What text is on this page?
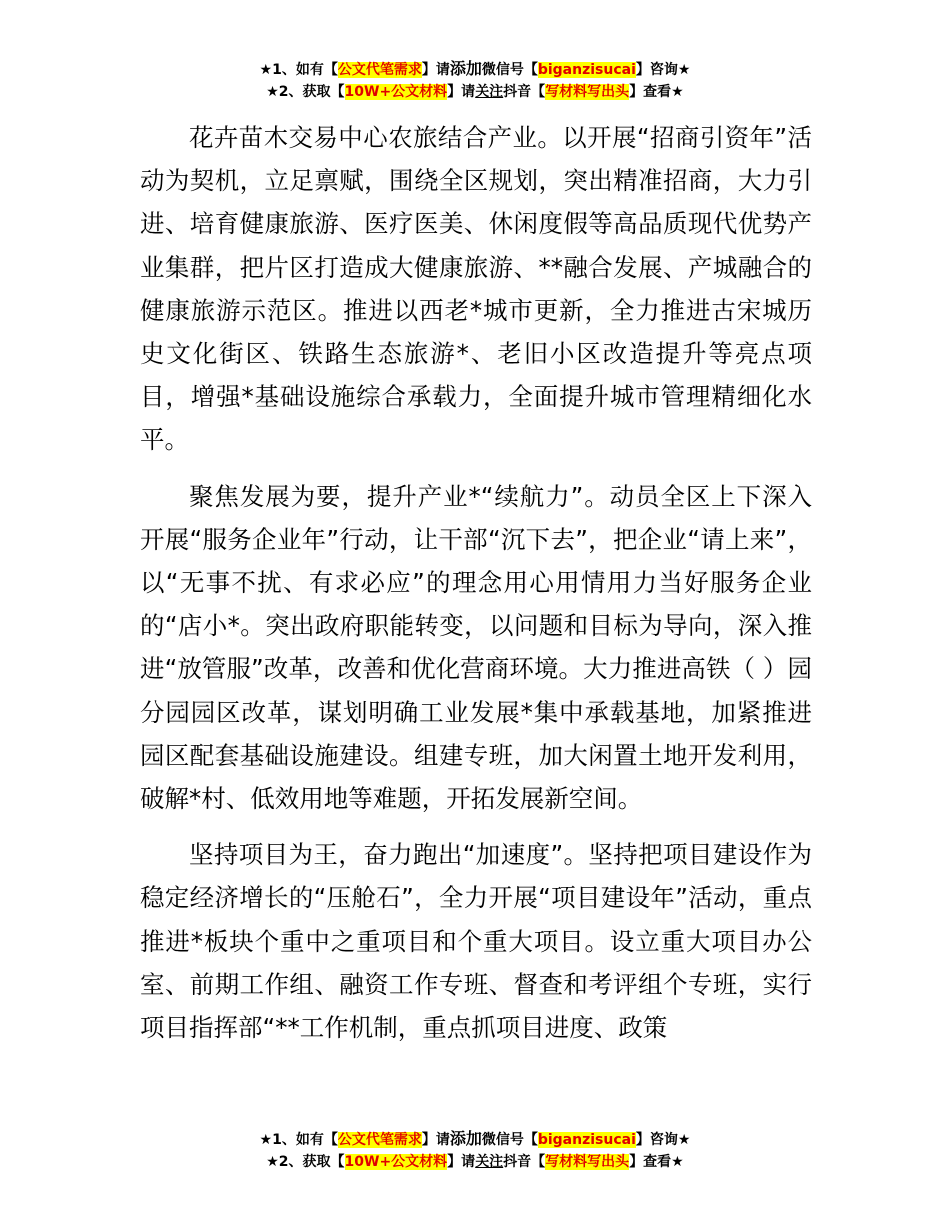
★1、如有【公文代笔需求】请添加微信号【biganzisucai】咨询★
★2、获取【10W+公文材料】请关注抖音【写材料写出头】查看★

花卉苗木交易中心农旅结合产业。以开展“招商引资年”活动为契机，立足禀赋，围绕全区规划，突出精准招商，大力引进、培育健康旅游、医疗医美、休闲度假等高品质现代优势产业集群，把片区打造成大健康旅游、**融合发展、产城融合的健康旅游示范区。推进以西老*城市更新，全力推进古宋城历史文化街区、铁路生态旅游*、老旧小区改造提升等亮点项目，增强*基础设施综合承载力，全面提升城市管理精细化水平。

聚焦发展为要，提升产业*“续航力”。动员全区上下深入开展“服务企业年”行动，让干部“沉下去”，把企业“请上来”，以“无事不扰、有求必应”的理念用心用情用力当好服务企业的“店小*。突出政府职能转变，以问题和目标为导向，深入推进“放管服”改革，改善和优化营商环境。大力推进高铁（ ）园分园园区改革，谋划明确工业发展*集中承载基地，加紧推进园区配套基础设施建设。组建专班，加大闲置土地开发利用，破解*村、低效用地等难题，开拓发展新空间。

坚持项目为王，奋力跑出“加速度”。坚持把项目建设作为稳定经济增长的“压舱石”，全力开展“项目建设年”活动，重点推进*板块个重中之重项目和个重大项目。设立重大项目办公室、前期工作组、融资工作专班、督查和考评组个专班，实行项目指挥部“**工作机制，重点抓项目进度、政策

★1、如有【公文代笔需求】请添加微信号【biganzisucai】咨询★
★2、获取【10W+公文材料】请关注抖音【写材料写出头】查看★
